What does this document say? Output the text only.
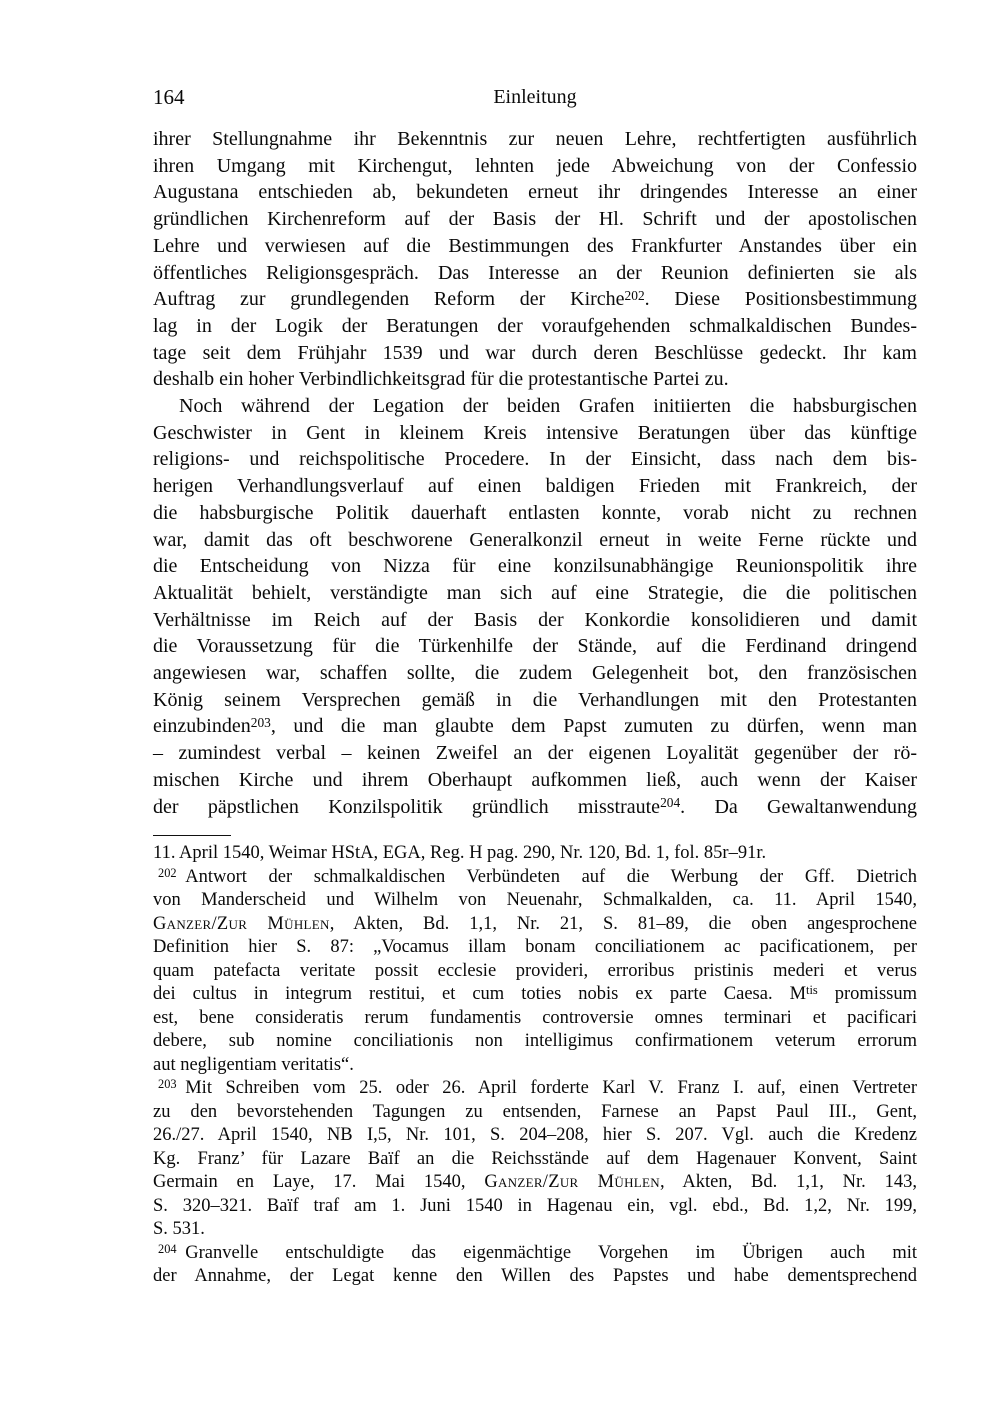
164	Einleitung
ihrer Stellungnahme ihr Bekenntnis zur neuen Lehre, rechtfertigten ausführlich
ihren Umgang mit Kirchengut, lehnten jede Abweichung von der Confessio
Augustana entschieden ab, bekundeten erneut ihr dringendes Interesse an einer
gründlichen Kirchenreform auf der Basis der Hl. Schrift und der apostolischen
Lehre und verwiesen auf die Bestimmungen des Frankfurter Anstandes über ein
öffentliches Religionsgespräch. Das Interesse an der Reunion definierten sie als
Auftrag zur grundlegenden Reform der Kirche$^{202}$. Diese Positionsbestimmung
lag in der Logik der Beratungen der voraufgehenden schmalkaldischen Bundes-
tage seit dem Frühjahr 1539 und war durch deren Beschlüsse gedeckt. Ihr kam
deshalb ein hoher Verbindlichkeitsgrad für die protestantische Partei zu.
Noch während der Legation der beiden Grafen initiierten die habsburgischen
Geschwister in Gent in kleinem Kreis intensive Beratungen über das künftige
religions- und reichspolitische Procedere. In der Einsicht, dass nach dem bis-
herigen Verhandlungsverlauf auf einen baldigen Frieden mit Frankreich, der
die habsburgische Politik dauerhaft entlasten konnte, vorab nicht zu rechnen
war, damit das oft beschworene Generalkonzil erneut in weite Ferne rückte und
die Entscheidung von Nizza für eine konzilsunabhängige Reunionspolitik ihre
Aktualität behielt, verständigte man sich auf eine Strategie, die die politischen
Verhältnisse im Reich auf der Basis der Konkordie konsolidieren und damit
die Voraussetzung für die Türkenhilfe der Stände, auf die Ferdinand dringend
angewiesen war, schaffen sollte, die zudem Gelegenheit bot, den französischen
König seinem Versprechen gemäß in die Verhandlungen mit den Protestanten
einzubinden$^{203}$, und die man glaubte dem Papst zumuten zu dürfen, wenn man
– zumindest verbal – keinen Zweifel an der eigenen Loyalität gegenüber der rö-
mischen Kirche und ihrem Oberhaupt aufkommen ließ, auch wenn der Kaiser
der päpstlichen Konzilspolitik gründlich misstraute$^{204}$. Da Gewaltanwendung
11. April 1540, Weimar HStA, EGA, Reg. H pag. 290, Nr. 120, Bd. 1, fol. 85r–91r.
$^{202}$ Antwort der schmalkaldischen Verbündeten auf die Werbung der Gff. Dietrich
von Manderscheid und Wilhelm von Neuenahr, Schmalkalden, ca. 11. April 1540,
Ganzer/Zur Mühlen, Akten, Bd. 1,1, Nr. 21, S. 81–89, die oben angesprochene
Definition hier S. 87: „Vocamus illam bonam conciliationem ac pacificationem, per
quam patefacta veritate possit ecclesie provideri, erroribus pristinis mederi et verus
dei cultus in integrum restitui, et cum toties nobis ex parte Caesa. $M^{tis}$ promissum
est, bene consideratis rerum fundamentis controversie omnes terminari et pacificari
debere, sub nomine conciliationis non intelligimus confirmationem veterum errorum
aut negligentiam veritatis“.
$^{203}$ Mit Schreiben vom 25. oder 26. April forderte Karl V. Franz I. auf, einen Vertreter
zu den bevorstehenden Tagungen zu entsenden, Farnese an Papst Paul III., Gent,
26./27. April 1540, NB I,5, Nr. 101, S. 204–208, hier S. 207. Vgl. auch die Kredenz
Kg. Franz’ für Lazare Baïf an die Reichsstände auf dem Hagenauer Konvent, Saint
Germain en Laye, 17. Mai 1540, Ganzer/Zur Mühlen, Akten, Bd. 1,1, Nr. 143,
S. 320–321. Baïf traf am 1. Juni 1540 in Hagenau ein, vgl. ebd., Bd. 1,2, Nr. 199,
S. 531.
$^{204}$ Granvelle entschuldigte das eigenmächtige Vorgehen im Übrigen auch mit
der Annahme, der Legat kenne den Willen des Papstes und habe dementsprechend
